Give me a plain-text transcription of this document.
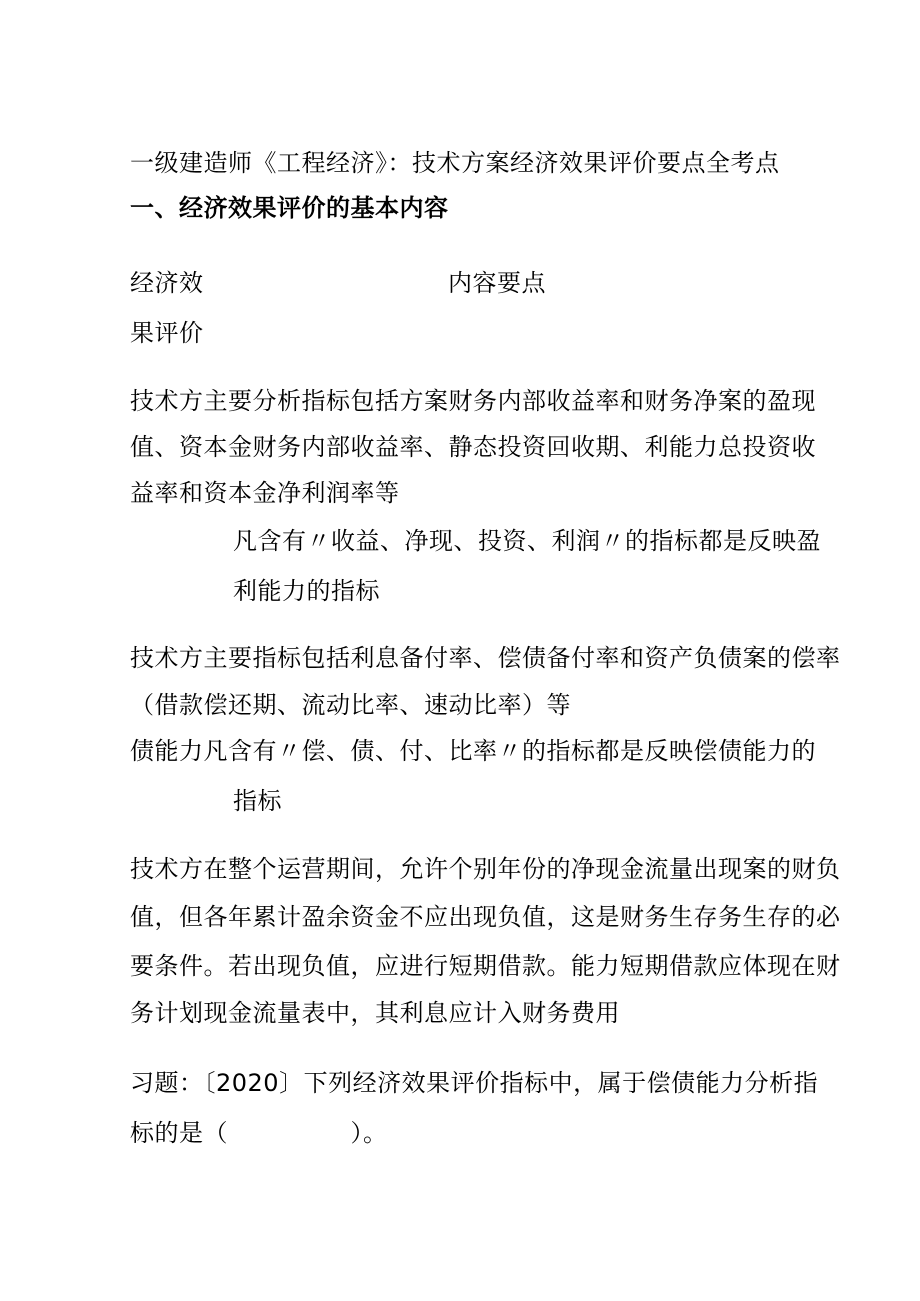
一级建造师《工程经济》：技术方案经济效果评价要点全考点
一、经济效果评价的基本内容
经济效	内容要点
果评价
技术方主要分析指标包括方案财务内部收益率和财务净案的盈现
值、资本金财务内部收益率、静态投资回收期、利能力总投资收
益率和资本金净利润率等
凡含有〃收益、净现、投资、利润〃的指标都是反映盈
利能力的指标
技术方主要指标包括利息备付率、偿债备付率和资产负债案的偿率
（借款偿还期、流动比率、速动比率）等
债能力凡含有〃偿、债、付、比率〃的指标都是反映偿债能力的
指标
技术方在整个运营期间，允许个别年份的净现金流量出现案的财负
值，但各年累计盈余资金不应出现负值，这是财务生存务生存的必
要条件。若出现负值，应进行短期借款。能力短期借款应体现在财
务计划现金流量表中，其利息应计入财务费用
习题：〔2020〕下列经济效果评价指标中，属于偿债能力分析指
标的是（　　　　　）。
